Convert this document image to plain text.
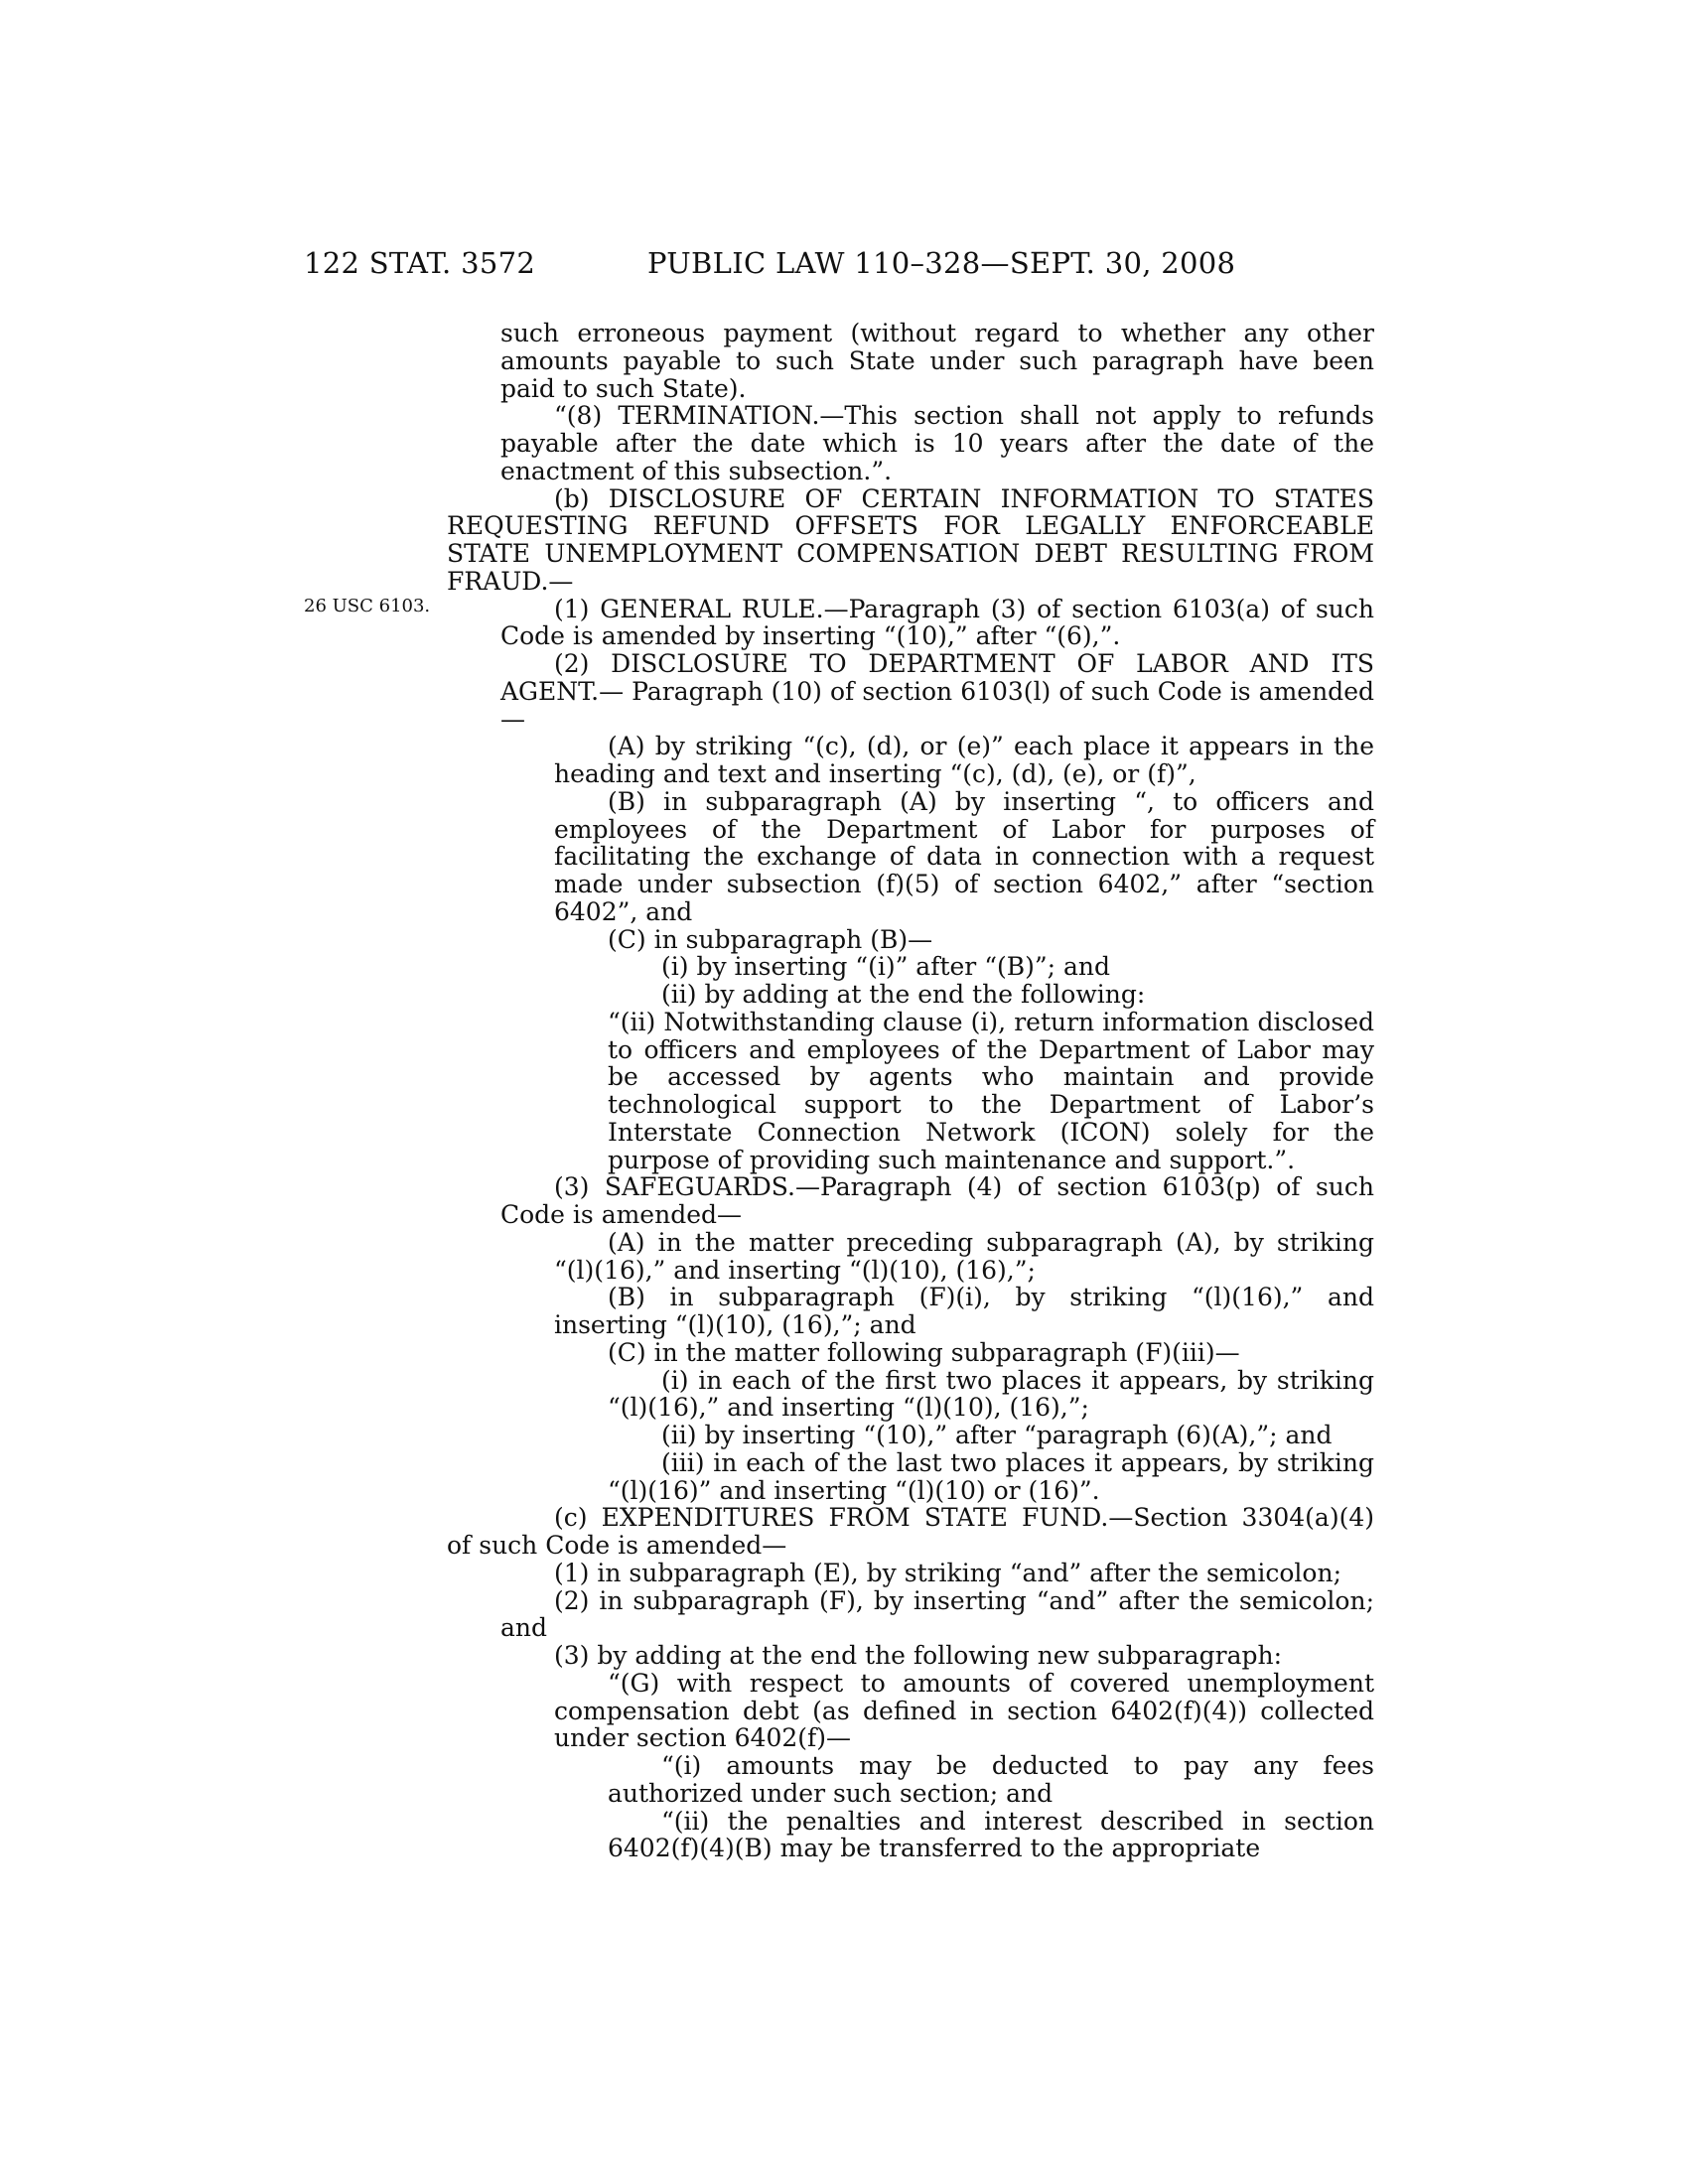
122 STAT. 3572	PUBLIC LAW 110–328—SEPT. 30, 2008
26 USC 6103.
such erroneous payment (without regard to whether any other amounts payable to such State under such paragraph have been paid to such State).
“(8) TERMINATION.—This section shall not apply to refunds payable after the date which is 10 years after the date of the enactment of this subsection.”.
(b) DISCLOSURE OF CERTAIN INFORMATION TO STATES REQUESTING REFUND OFFSETS FOR LEGALLY ENFORCEABLE STATE UNEMPLOYMENT COMPENSATION DEBT RESULTING FROM FRAUD.—
(1) GENERAL RULE.—Paragraph (3) of section 6103(a) of such Code is amended by inserting “(10),” after “(6),”.
(2) DISCLOSURE TO DEPARTMENT OF LABOR AND ITS AGENT.— Paragraph (10) of section 6103(l) of such Code is amended—
(A) by striking “(c), (d), or (e)” each place it appears in the heading and text and inserting “(c), (d), (e), or (f)”,
(B) in subparagraph (A) by inserting “, to officers and employees of the Department of Labor for purposes of facilitating the exchange of data in connection with a request made under subsection (f)(5) of section 6402,” after “section 6402”, and
(C) in subparagraph (B)—
(i) by inserting “(i)” after “(B)”; and
(ii) by adding at the end the following:
“(ii) Notwithstanding clause (i), return information disclosed to officers and employees of the Department of Labor may be accessed by agents who maintain and provide technological support to the Department of Labor’s Interstate Connection Network (ICON) solely for the purpose of providing such maintenance and support.”.
(3) SAFEGUARDS.—Paragraph (4) of section 6103(p) of such Code is amended—
(A) in the matter preceding subparagraph (A), by striking “(l)(16),” and inserting “(l)(10), (16),”;
(B) in subparagraph (F)(i), by striking “(l)(16),” and inserting “(l)(10), (16),”; and
(C) in the matter following subparagraph (F)(iii)—
(i) in each of the first two places it appears, by striking “(l)(16),” and inserting “(l)(10), (16),”;
(ii) by inserting “(10),” after “paragraph (6)(A),”; and
(iii) in each of the last two places it appears, by striking “(l)(16)” and inserting “(l)(10) or (16)”.
(c) EXPENDITURES FROM STATE FUND.—Section 3304(a)(4) of such Code is amended—
(1) in subparagraph (E), by striking “and” after the semicolon;
(2) in subparagraph (F), by inserting “and” after the semicolon; and
(3) by adding at the end the following new subparagraph:
“(G) with respect to amounts of covered unemployment compensation debt (as defined in section 6402(f)(4)) collected under section 6402(f)—
“(i) amounts may be deducted to pay any fees authorized under such section; and
“(ii) the penalties and interest described in section 6402(f)(4)(B) may be transferred to the appropriate
